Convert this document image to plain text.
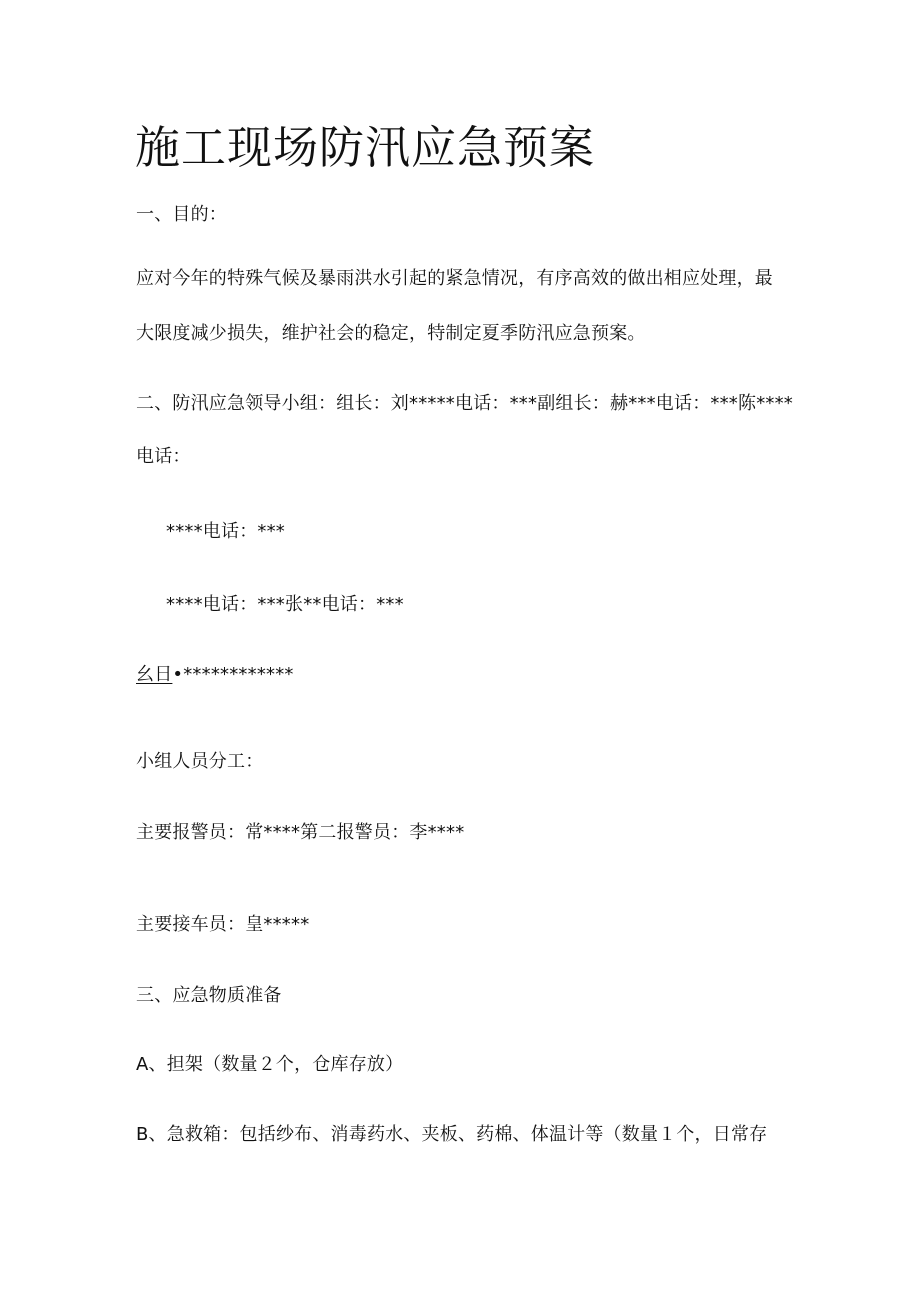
施工现场防汛应急预案
一、目的：
应对今年的特殊气候及暴雨洪水引起的紧急情况，有序高效的做出相应处理，最
大限度减少损失，维护社会的稳定，特制定夏季防汛应急预案。
二、防汛应急领导小组：组长：刘*****电话：***副组长：赫***电话：***陈****
电话：
****电话：***
****电话：***张**电话：***
幺日•************
小组人员分工：
主要报警员：常****第二报警员：李****
主要接车员：皇*****
三、应急物质准备
A、担架（数量２个，仓库存放）
B、急救箱：包括纱布、消毒药水、夹板、药棉、体温计等（数量１个，日常存
